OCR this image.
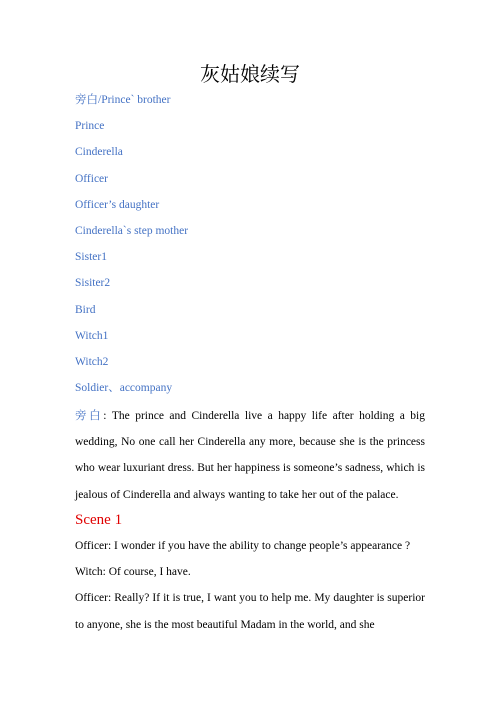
灰姑娘续写
旁白/Prince` brother
Prince
Cinderella
Officer
Officer’s daughter
Cinderella`s step mother
Sister1
Sisiter2
Bird
Witch1
Witch2
Soldier、accompany
旁白: The prince and Cinderella live a happy life after holding a big wedding, No one call her Cinderella any more, because she is the princess who wear luxuriant dress. But her happiness is someone’s sadness, which is jealous of Cinderella and always wanting to take her out of the palace.
Scene 1

Officer: I wonder if you have the ability to change people’s appearance ?

Witch: Of course, I have.

Officer: Really? If it is true, I want you to help me. My daughter is superior to anyone, she is the most beautiful Madam in the world, and she
